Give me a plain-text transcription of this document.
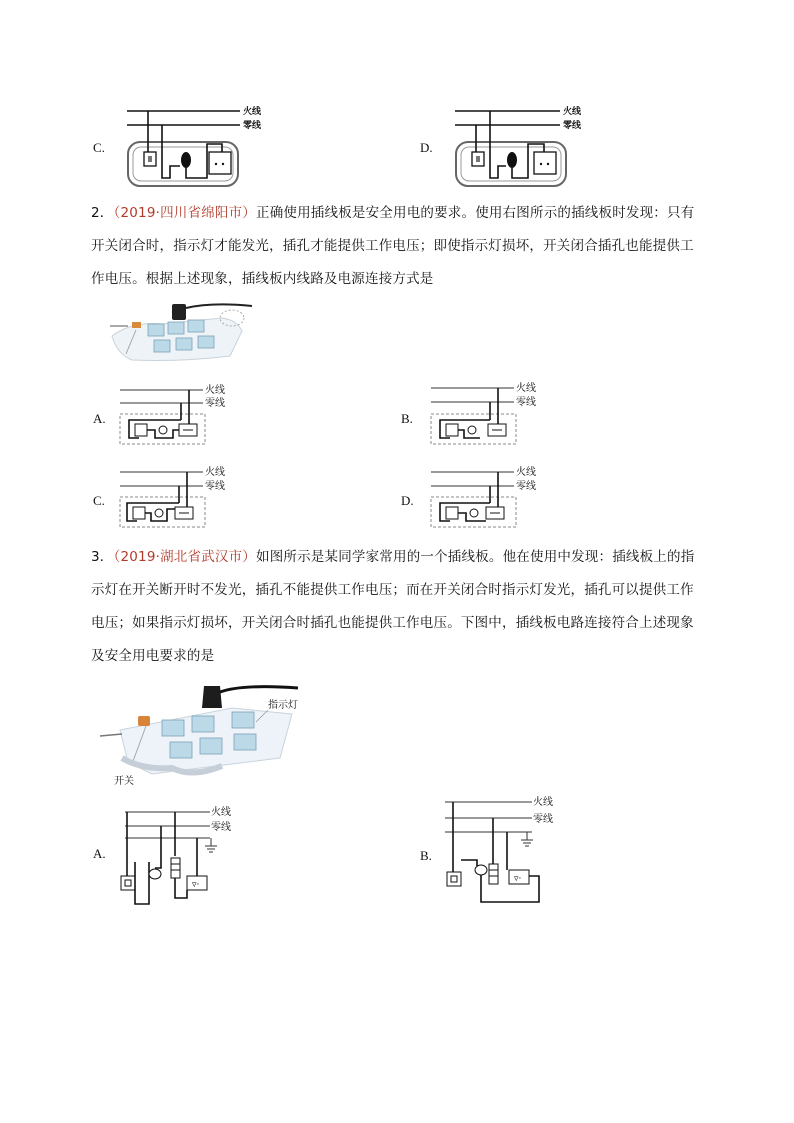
C.
火线
零线
D.
火线
零线
2．（2019·四川省绵阳市）正确使用插线板是安全用电的要求。使用右图所示的插线板时发现：只有开关闭合时，指示灯才能发光，插孔才能提供工作电压；即使指示灯损坏，开关闭合插孔也能提供工作电压。根据上述现象，插线板内线路及电源连接方式是
A.
火线
零线
B.
火线
零线
C.
火线
零线
D.
火线
零线
3．（2019·湖北省武汉市）如图所示是某同学家常用的一个插线板。他在使用中发现：插线板上的指示灯在开关断开时不发光，插孔不能提供工作电压；而在开关闭合时指示灯发光，插孔可以提供工作电压；如果指示灯损坏，开关闭合时插孔也能提供工作电压。下图中，插线板电路连接符合上述现象及安全用电要求的是
指示灯
开关
A.
火线
零线
▿·
B.
火线
零线
▿·
